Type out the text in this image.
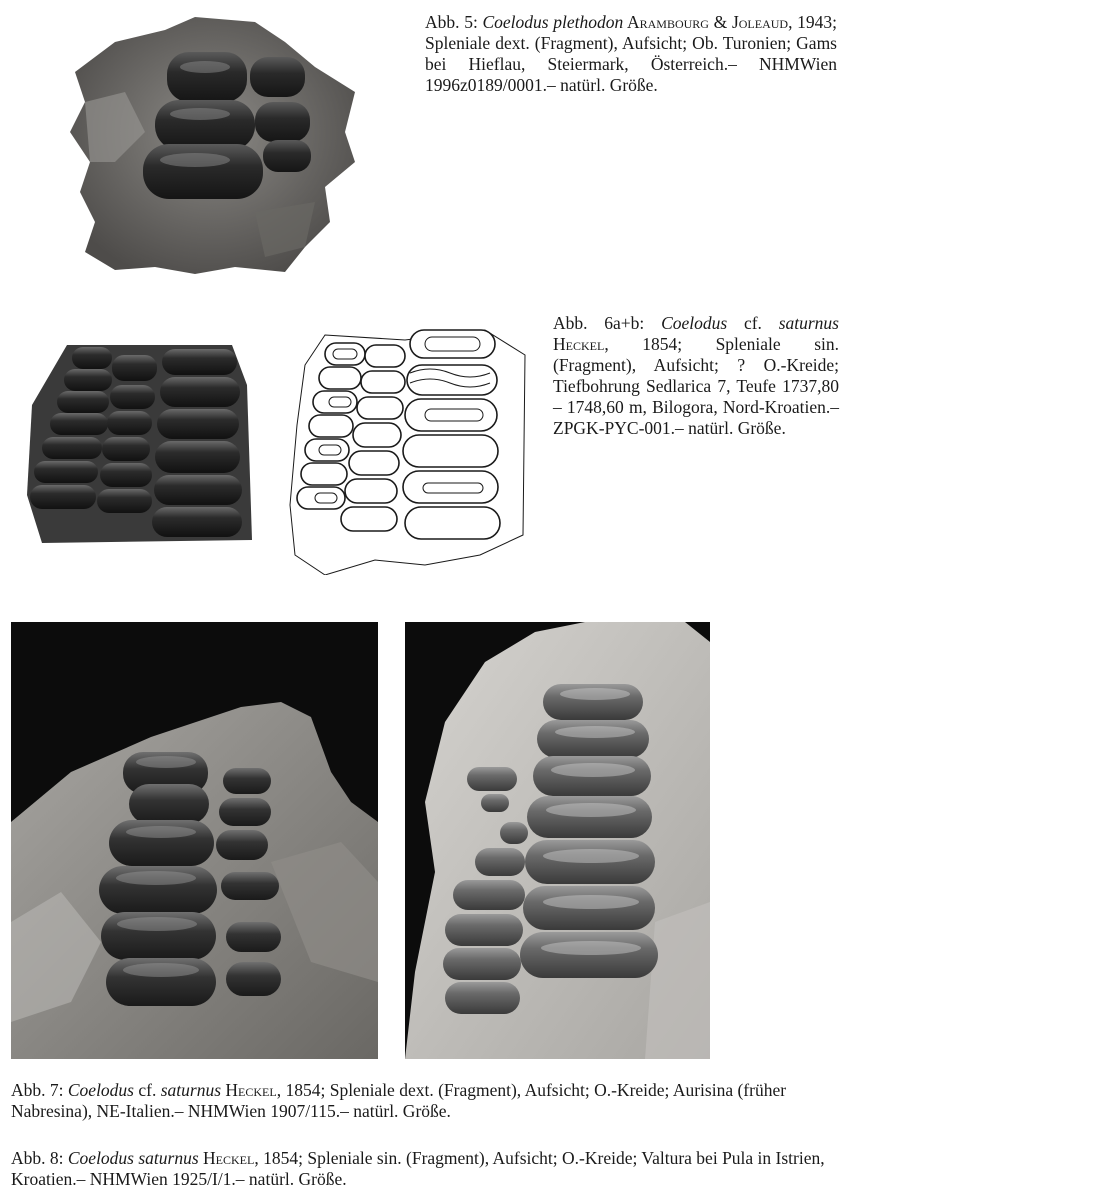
Abb. 5: Coelodus plethodon Arambourg & Joleaud, 1943; Spleniale dext. (Fragment), Aufsicht; Ob. Turonien; Gams bei Hieflau, Steiermark, Österreich.– NHMWien 1996z0189/0001.– natürl. Größe.
Abb. 6a+b: Coelodus cf. saturnus Heckel, 1854; Spleniale sin. (Fragment), Aufsicht; ? O.-Kreide; Tiefbohrung Sedlarica 7, Teufe 1737,80 – 1748,60 m, Bilogora, Nord-Kroatien.– ZPGK-PYC-001.– natürl. Größe.
Abb. 7: Coelodus cf. saturnus Heckel, 1854; Spleniale dext. (Fragment), Aufsicht; O.-Kreide; Aurisina (früher Nabresina), NE-Italien.– NHMWien 1907/115.– natürl. Größe.
Abb. 8: Coelodus saturnus Heckel, 1854; Spleniale sin. (Fragment), Aufsicht; O.-Kreide; Valtura bei Pula in Istrien, Kroatien.– NHMWien 1925/I/1.– natürl. Größe.
